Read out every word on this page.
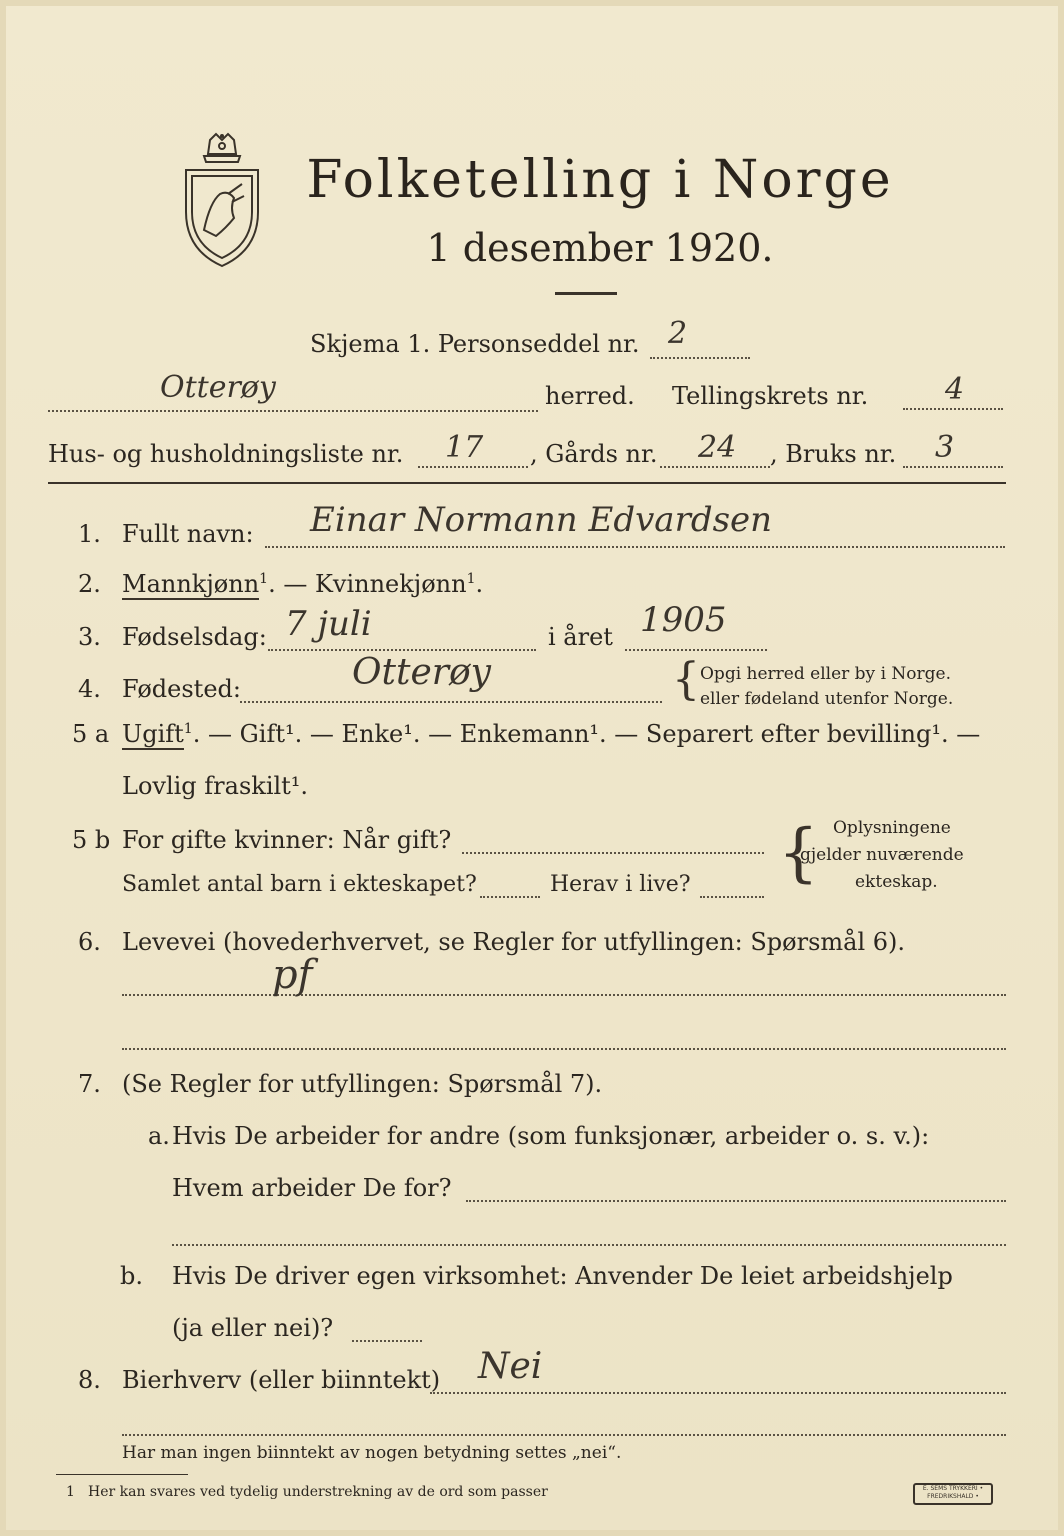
Folketelling i Norge
1 desember 1920.
Skjema 1. Personseddel nr. 2
Otterøy	herred. Tellingskrets nr.	4
Hus- og husholdningsliste nr. 17 , Gårds nr. 24 , Bruks nr. 3
1. Fullt navn: Einar Normann Edvardsen
2. Mannkjønn$^1$. — Kvinnekjønn$^1$.
3. Fødselsdag: 7 juli	i året 1905
4. Fødested:	Otterøy	{ Opgi herred eller by i Norge.
eller fødeland utenfor Norge.
5 a Ugift$^1$. — Gift¹. — Enke¹. — Enkemann¹. — Separert efter bevilling¹. —
Lovlig fraskilt¹.
5 b For gifte kvinner: Når gift?
Samlet antal barn i ekteskapet?	Herav i live? { Oplysningene
gjelder nuværende
ekteskap.
6. Levevei (hovederhvervet, se Regler for utfyllingen: Spørsmål 6).
pf
7. (Se Regler for utfyllingen: Spørsmål 7).
a. Hvis De arbeider for andre (som funksjonær, arbeider o. s. v.):
Hvem arbeider De for?
b. Hvis De driver egen virksomhet: Anvender De leiet arbeidshjelp
(ja eller nei)?
8. Bierhverv (eller biinntekt) Nei
Har man ingen biinntekt av nogen betydning settes „nei“.
1 Her kan svares ved tydelig understrekning av de ord som passer	E. SEMS TRYKKERI • FREDRIKSHALD •
